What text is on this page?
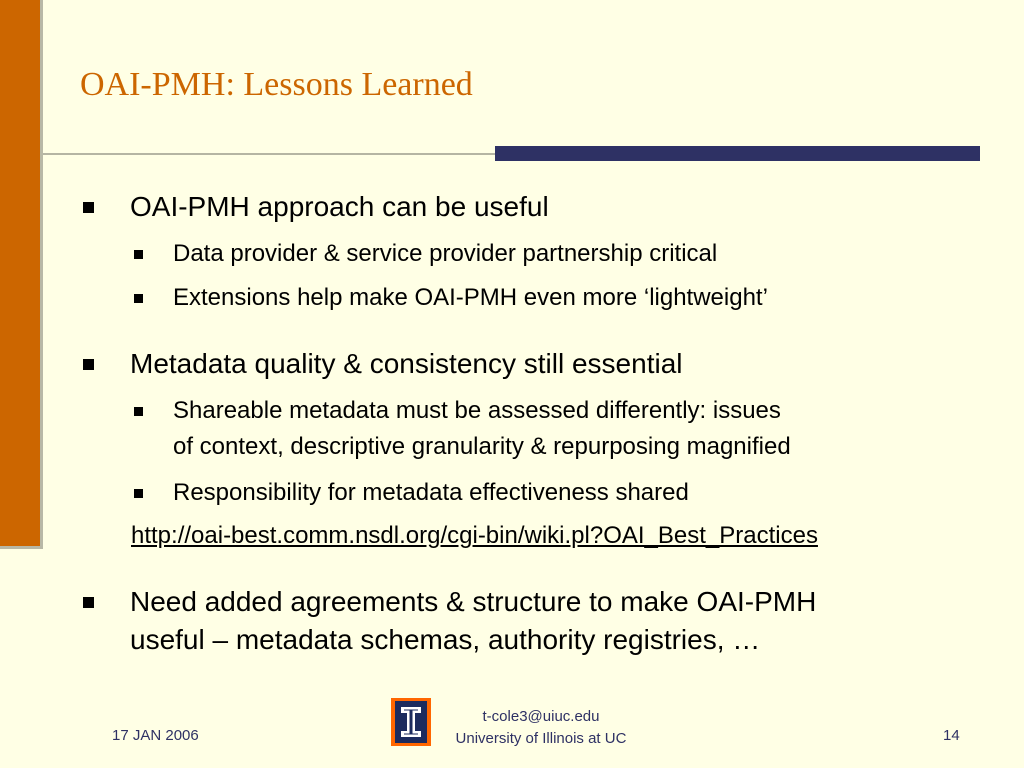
OAI-PMH: Lessons Learned
OAI-PMH approach can be useful
Data provider & service provider partnership critical
Extensions help make OAI-PMH even more ‘lightweight’
Metadata quality & consistency still essential
Shareable metadata must be assessed differently: issues
of context, descriptive granularity & repurposing magnified
Responsibility for metadata effectiveness shared
http://oai-best.comm.nsdl.org/cgi-bin/wiki.pl?OAI_Best_Practices
Need added agreements & structure to make OAI-PMH
useful – metadata schemas, authority registries, …
17 JAN 2006
t-cole3@uiuc.edu
University of Illinois at UC	14
